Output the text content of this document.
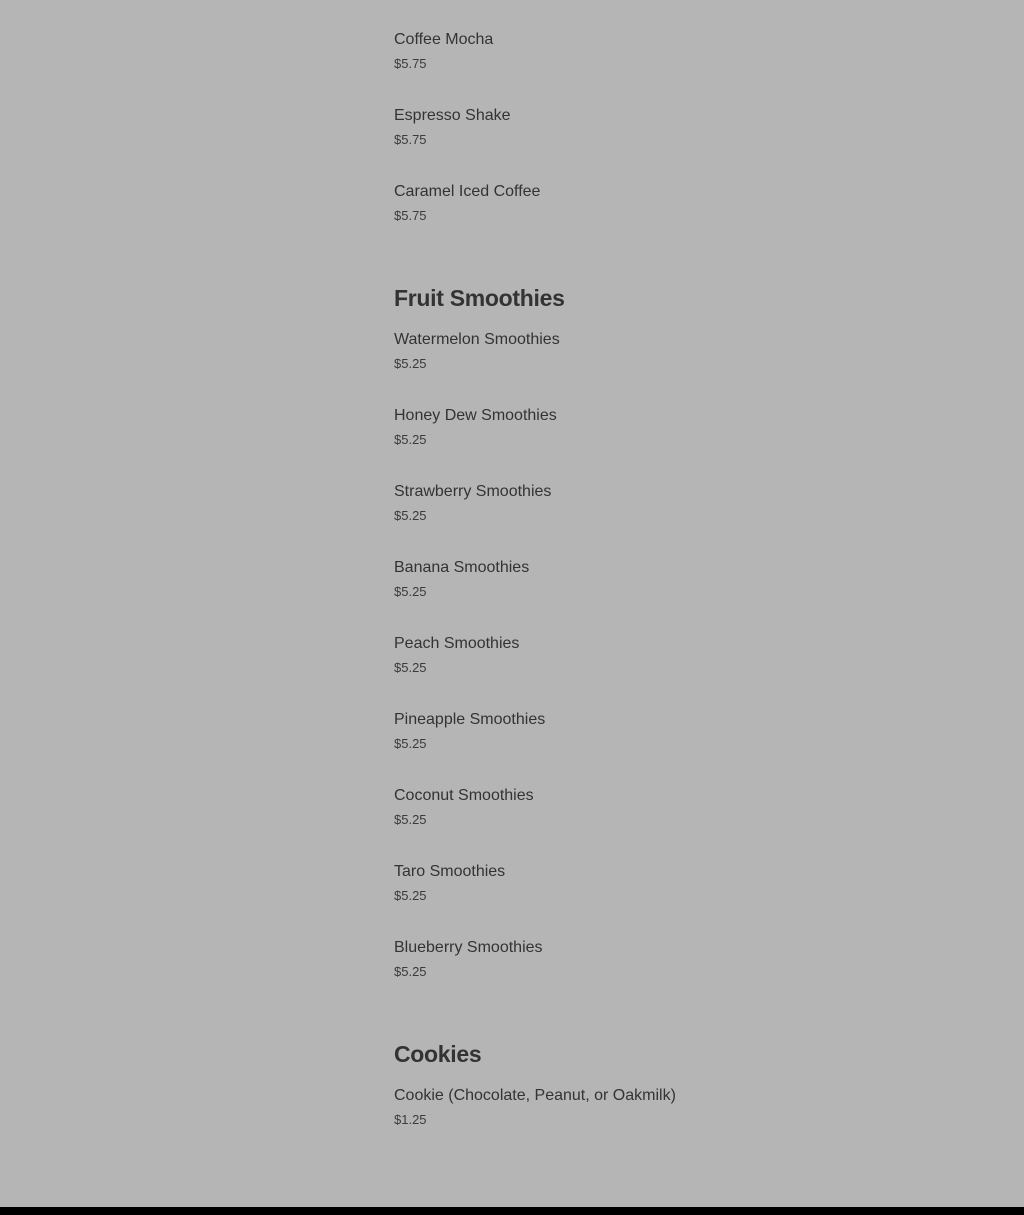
Coffee Mocha
$5.75
Espresso Shake
$5.75
Caramel Iced Coffee
$5.75
Fruit Smoothies
Watermelon Smoothies
$5.25
Honey Dew Smoothies
$5.25
Strawberry Smoothies
$5.25
Banana Smoothies
$5.25
Peach Smoothies
$5.25
Pineapple Smoothies
$5.25
Coconut Smoothies
$5.25
Taro Smoothies
$5.25
Blueberry Smoothies
$5.25
Cookies
Cookie (Chocolate, Peanut, or Oakmilk)
$1.25
